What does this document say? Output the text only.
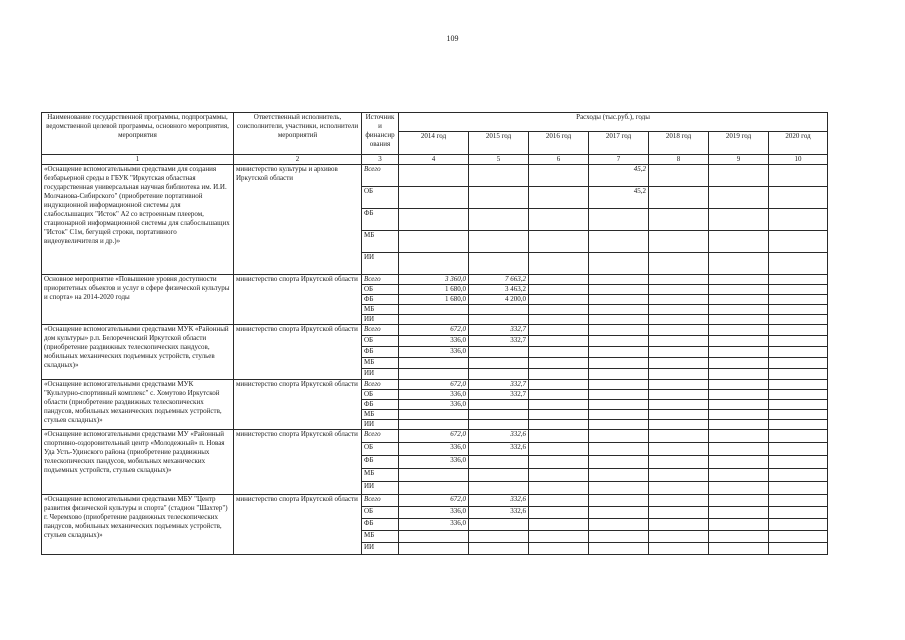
109
Наименование государственной программы, подпрограммы, ведомственной целевой программы, основного мероприятия, мероприятия	Ответственный исполнитель, соисполнители, участники, исполнители мероприятий	Источник и финансир ования	Расходы (тыс.руб.), годы						
			2014 год	2015 год	2016 год	2017 год	2018 год	2019 год	2020 год
1	2	3	4	5	6	7	8	9	10
«Оснащение вспомогательными средствами для создания безбарьерной среды в ГБУК "Иркутская областная государственная универсальная научная библиотека им. И.И. Молчанова-Сибирского" (приобретение портативной индукционной информационной системы для слабослышащих "Исток" А2 со встроенным плеером, стационарной информационной системы для слабослышащих "Исток" С1м, бегущей строки, портативного видеоувеличителя и др.)»	министерство культуры и архивов Иркутской области	Всего				45,2			
		ОБ				45,2			
		ФБ							
		МБ							
		ИИ							
Основное мероприятие «Повышение уровня доступности приоритетных объектов и услуг в сфере физической культуры и спорта» на 2014-2020 годы	министерство спорта Иркутской области	Всего	3 360,0	7 663,2					
		ОБ	1 680,0	3 463,2					
		ФБ	1 680,0	4 200,0					
		МБ							
		ИИ							
«Оснащение вспомогательными средствами МУК «Районный дом культуры» р.п. Белореченский Иркутской области (приобретение раздвижных телескопических пандусов, мобильных механических подъемных устройств, стульев складных)»	министерство спорта Иркутской области	Всего	672,0	332,7					
		ОБ	336,0	332,7					
		ФБ	336,0						
		МБ							
		ИИ							
«Оснащение вспомогательными средствами МУК "Культурно-спортивный комплекс" с. Хомутово Иркутской области (приобретение раздвижных телескопических пандусов, мобильных механических подъемных устройств, стульев складных)»	министерство спорта Иркутской области	Всего	672,0	332,7					
		ОБ	336,0	332,7					
		ФБ	336,0						
		МБ							
		ИИ							
«Оснащение вспомогательными средствами МУ «Районный спортивно-оздоровительный центр «Молодежный» п. Новая Уда Усть-Удинского района (приобретение раздвижных телескопических пандусов, мобильных механических подъемных устройств, стульев складных)»	министерство спорта Иркутской области	Всего	672,0	332,6					
		ОБ	336,0	332,6					
		ФБ	336,0						
		МБ							
		ИИ							
«Оснащение вспомогательными средствами МБУ "Центр развития физической культуры и спорта" (стадион "Шахтер") г. Черемхово (приобретение раздвижных телескопических пандусов, мобильных механических подъемных устройств, стульев складных)»	министерство спорта Иркутской области	Всего	672,0	332,6					
		ОБ	336,0	332,6					
		ФБ	336,0						
		МБ							
		ИИ							
